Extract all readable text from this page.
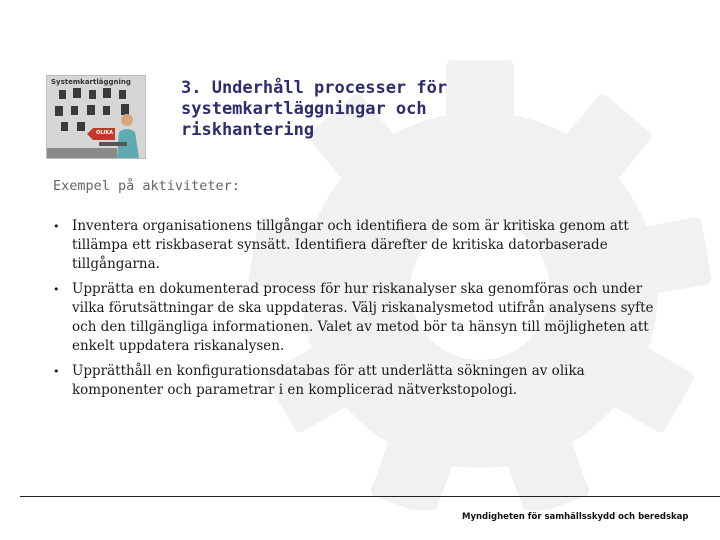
Systemkartläggning
OLIKA
3. Underhåll processer för systemkartläggningar och riskhantering

Exempel på aktiviteter:

• Inventera organisationens tillgångar och identifiera de som är kritiska genom att tillämpa ett riskbaserat synsätt. Identifiera därefter de kritiska datorbaserade tillgångarna.
• Upprätta en dokumenterad process för hur riskanalyser ska genomföras och under vilka förutsättningar de ska uppdateras. Välj riskanalysmetod utifrån analysens syfte och den tillgängliga informationen. Valet av metod bör ta hänsyn till möjligheten att enkelt uppdatera riskanalysen.
• Upprätthåll en konfigurationsdatabas för att underlätta sökningen av olika komponenter och parametrar i en komplicerad nätverkstopologi.
Myndigheten för samhällsskydd och beredskap
